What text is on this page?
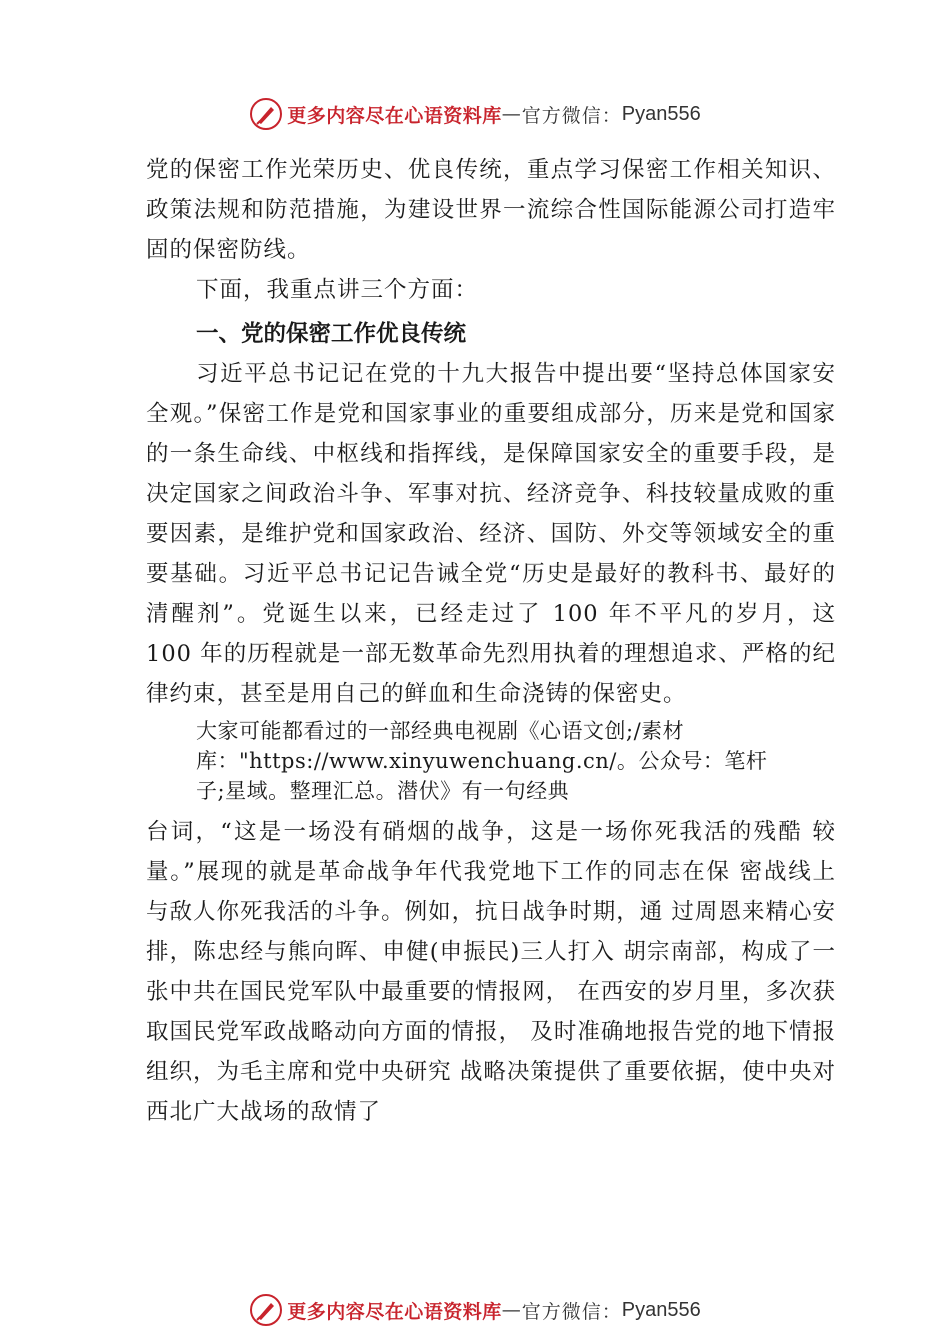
更多内容尽在心语资料库 — 官方微信： Pyan556

党的保密工作光荣历史、优良传统，重点学习保密工作相关知识、政策法规和防范措施，为建设世界一流综合性国际能源公司打造牢固的保密防线。

下面，我重点讲三个方面：

一、党的保密工作优良传统

习近平总书记记在党的十九大报告中提出要“坚持总体国家安全观。”保密工作是党和国家事业的重要组成部分，历来是党和国家的一条生命线、中枢线和指挥线，是保障国家安全的重要手段，是决定国家之间政治斗争、军事对抗、经济竞争、科技较量成败的重要因素，是维护党和国家政治、经济、国防、外交等领域安全的重要基础。习近平总书记记告诫全党“历史是最好的教科书、最好的清醒剂”。党诞生以来，已经走过了 100 年不平凡的岁月，这 100 年的历程就是一部无数革命先烈用执着的理想追求、严格的纪律约束，甚至是用自己的鲜血和生命浇铸的保密史。

大家可能都看过的一部经典电视剧《心语文创;/素材
库："https://www.xinyuwenchuang.cn/。公众号：笔杆
子;星域。整理汇总。潜伏》有一句经典

台词，“这是一场没有硝烟的战争，这是一场你死我活的残酷 较量。”展现的就是革命战争年代我党地下工作的同志在保 密战线上与敌人你死我活的斗争。例如，抗日战争时期，通 过周恩来精心安排，陈忠经与熊向晖、申健(申振民)三人打入 胡宗南部，构成了一张中共在国民党军队中最重要的情报网， 在西安的岁月里，多次获取国民党军政战略动向方面的情报， 及时准确地报告党的地下情报组织，为毛主席和党中央研究 战略决策提供了重要依据，使中央对西北广大战场的敌情了

更多内容尽在心语资料库 — 官方微信： Pyan556
